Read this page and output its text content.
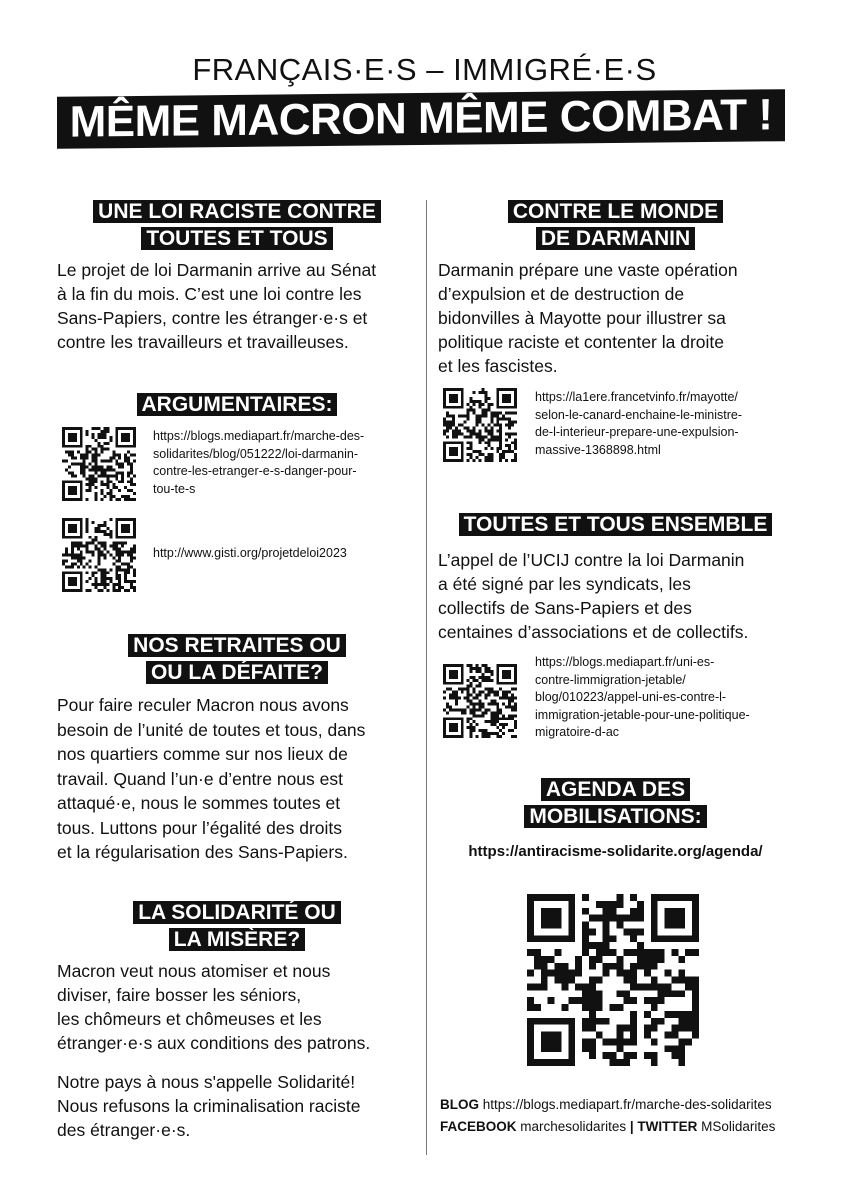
FRANÇAIS·E·S – IMMIGRÉ·E·S
MÊME MACRON MÊME COMBAT !
UNE LOI RACISTE CONTRE
TOUTES ET TOUS
Le projet de loi Darmanin arrive au Sénat
à la fin du mois. C’est une loi contre les
Sans-Papiers, contre les étranger·e·s et
contre les travailleurs et travailleuses.
ARGUMENTAIRES:
https://blogs.mediapart.fr/marche-des-
solidarites/blog/051222/loi-darmanin-
contre-les-etranger-e-s-danger-pour-
tou-te-s
http://www.gisti.org/projetdeloi2023
NOS RETRAITES OU
OU LA DÉFAITE?
Pour faire reculer Macron nous avons
besoin de l’unité de toutes et tous, dans
nos quartiers comme sur nos lieux de
travail. Quand l’un·e d’entre nous est
attaqué·e, nous le sommes toutes et
tous. Luttons pour l’égalité des droits
et la régularisation des Sans-Papiers.
LA SOLIDARITÉ OU
LA MISÈRE?
Macron veut nous atomiser et nous
diviser, faire bosser les séniors,
les chômeurs et chômeuses et les
étranger·e·s aux conditions des patrons.
Notre pays à nous s'appelle Solidarité!
Nous refusons la criminalisation raciste
des étranger·e·s.
CONTRE LE MONDE
DE DARMANIN
Darmanin prépare une vaste opération
d’expulsion et de destruction de
bidonvilles à Mayotte pour illustrer sa
politique raciste et contenter la droite
et les fascistes.
https://la1ere.francetvinfo.fr/mayotte/
selon-le-canard-enchaine-le-ministre-
de-l-interieur-prepare-une-expulsion-
massive-1368898.html
TOUTES ET TOUS ENSEMBLE
L’appel de l’UCIJ contre la loi Darmanin
a été signé par les syndicats, les
collectifs de Sans-Papiers et des
centaines d’associations et de collectifs.
https://blogs.mediapart.fr/uni-es-
contre-limmigration-jetable/
blog/010223/appel-uni-es-contre-l-
immigration-jetable-pour-une-politique-
migratoire-d-ac
AGENDA DES
MOBILISATIONS:
https://antiracisme-solidarite.org/agenda/
BLOG https://blogs.mediapart.fr/marche-des-solidarites
FACEBOOK marchesolidarites | TWITTER MSolidarites
